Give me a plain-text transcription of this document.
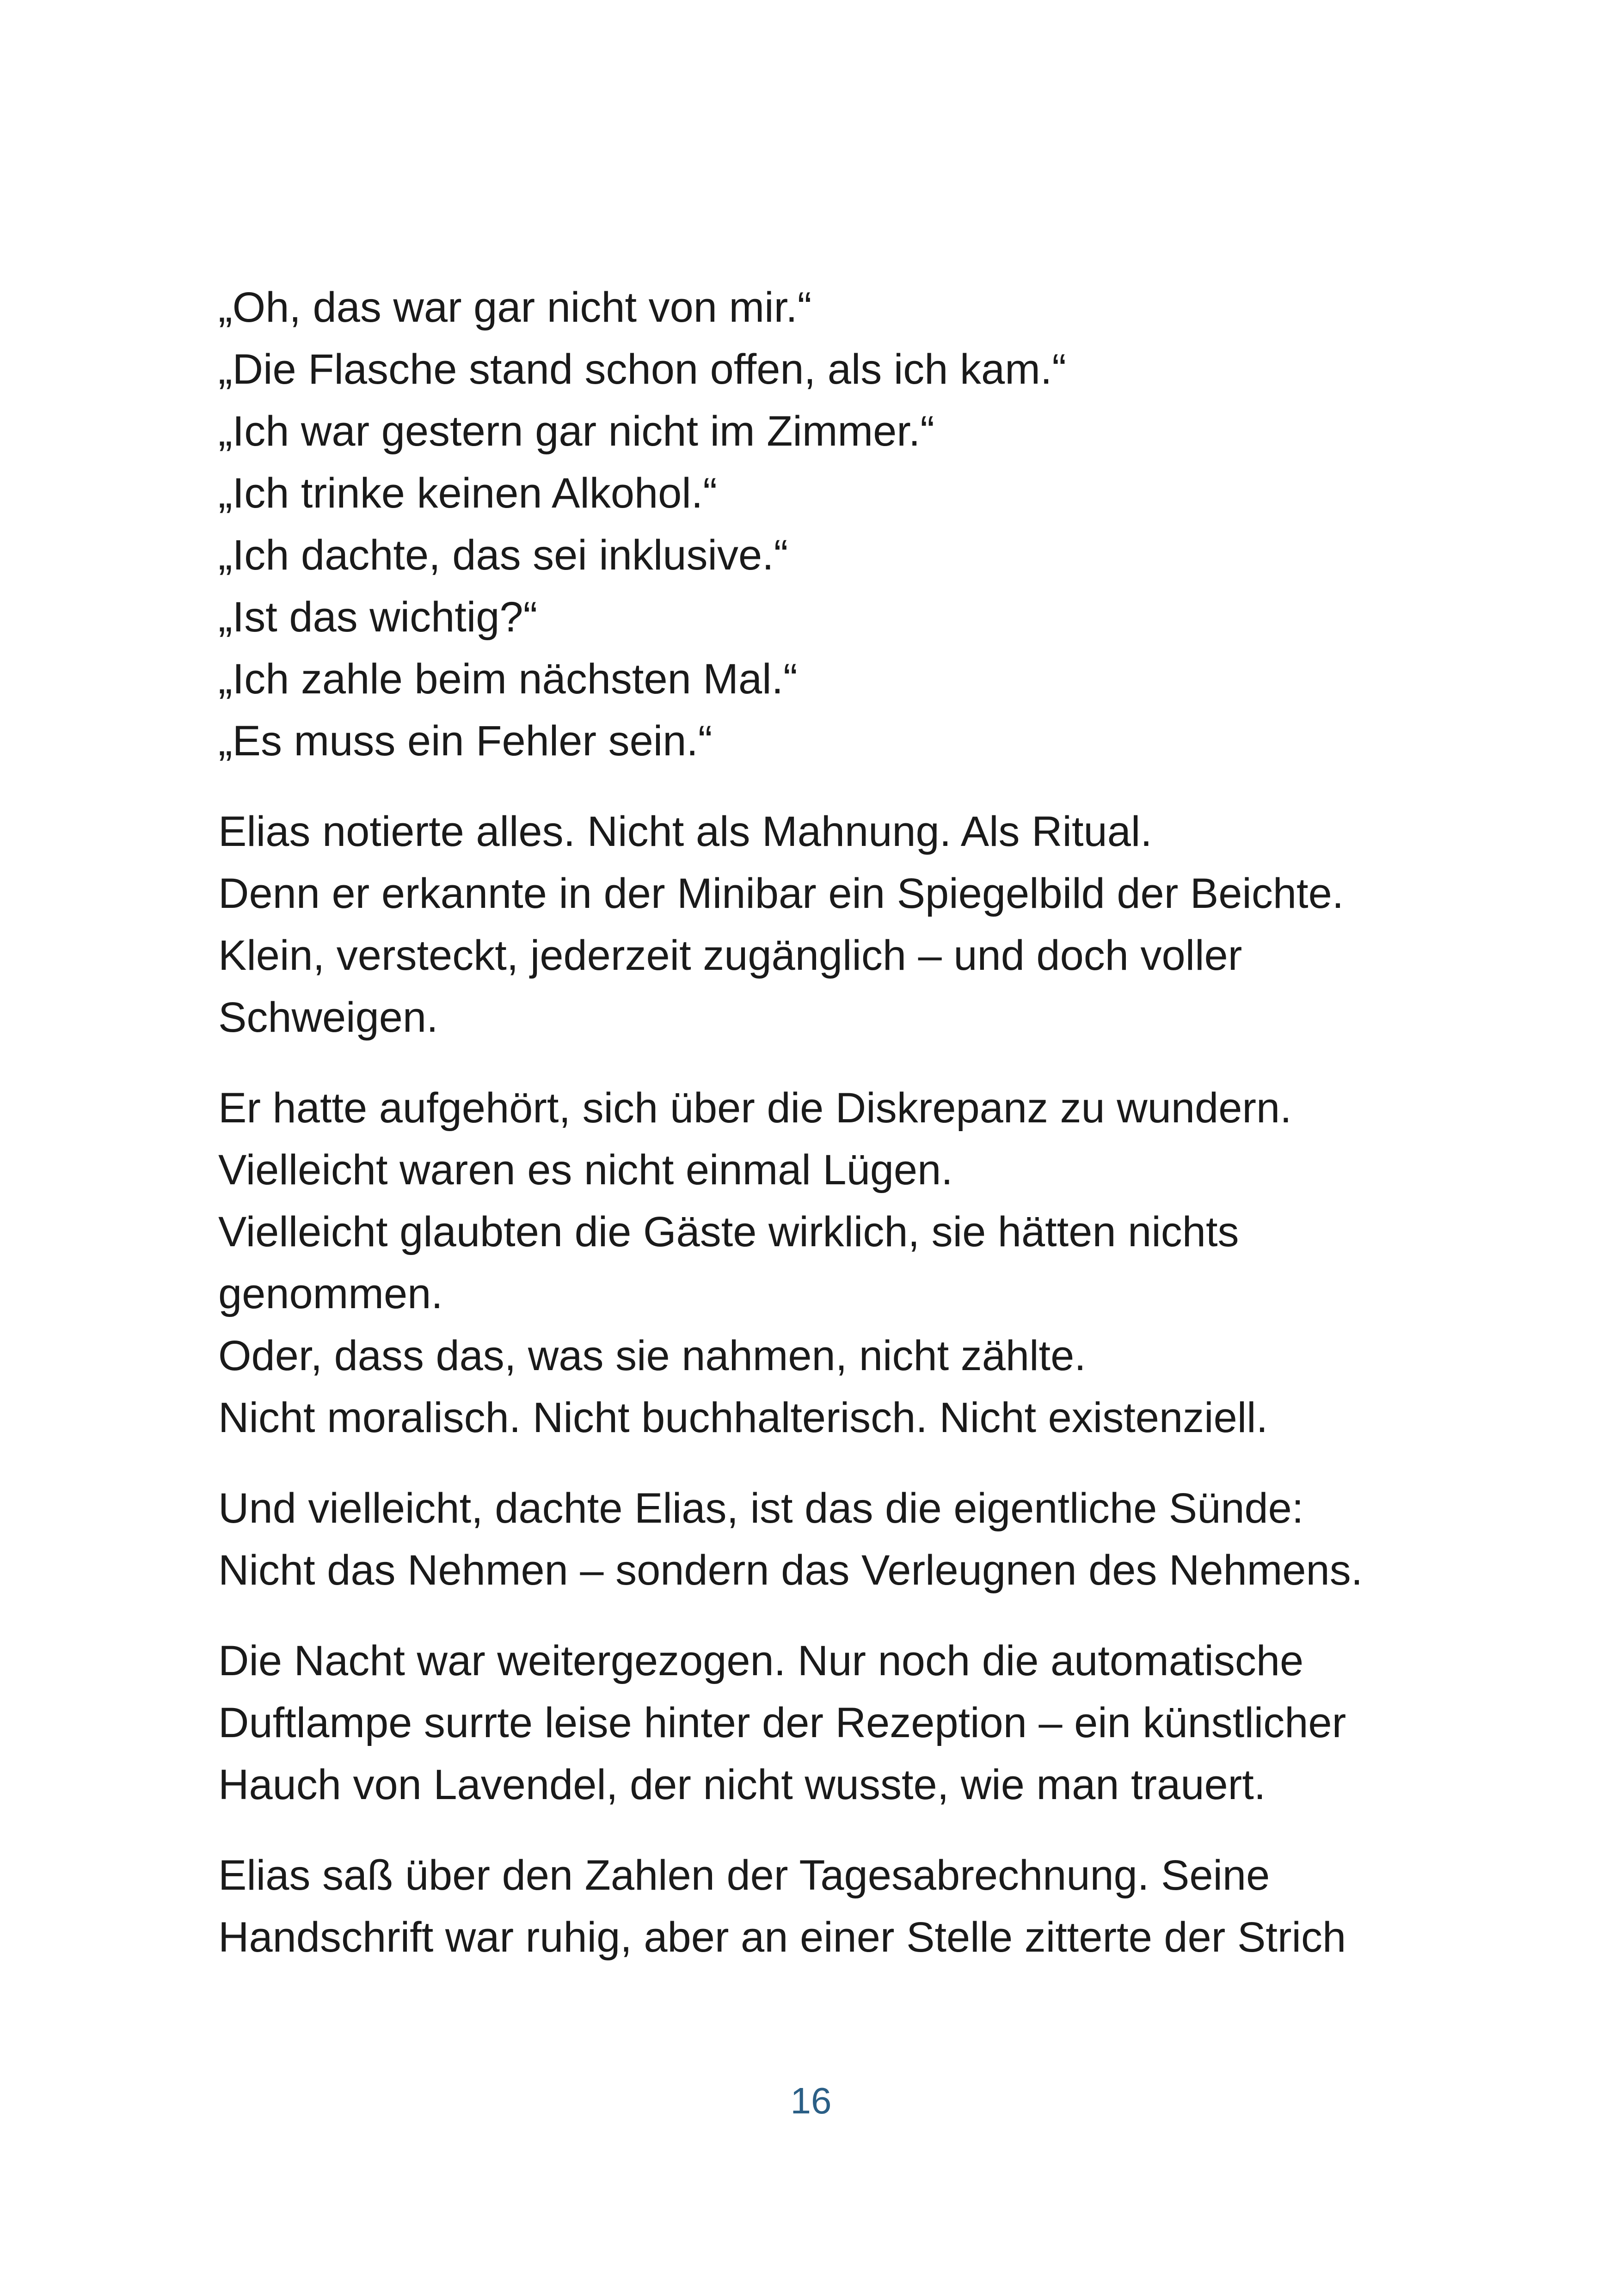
„Oh, das war gar nicht von mir.“
„Die Flasche stand schon offen, als ich kam.“
„Ich war gestern gar nicht im Zimmer.“
„Ich trinke keinen Alkohol.“
„Ich dachte, das sei inklusive.“
„Ist das wichtig?“
„Ich zahle beim nächsten Mal.“
„Es muss ein Fehler sein.“

Elias notierte alles. Nicht als Mahnung. Als Ritual.
Denn er erkannte in der Minibar ein Spiegelbild der Beichte.
Klein, versteckt, jederzeit zugänglich – und doch voller
Schweigen.

Er hatte aufgehört, sich über die Diskrepanz zu wundern.
Vielleicht waren es nicht einmal Lügen.
Vielleicht glaubten die Gäste wirklich, sie hätten nichts
genommen.
Oder, dass das, was sie nahmen, nicht zählte.
Nicht moralisch. Nicht buchhalterisch. Nicht existenziell.

Und vielleicht, dachte Elias, ist das die eigentliche Sünde:
Nicht das Nehmen – sondern das Verleugnen des Nehmens.

Die Nacht war weitergezogen. Nur noch die automatische
Duftlampe surrte leise hinter der Rezeption – ein künstlicher
Hauch von Lavendel, der nicht wusste, wie man trauert.

Elias saß über den Zahlen der Tagesabrechnung. Seine
Handschrift war ruhig, aber an einer Stelle zitterte der Strich

16
